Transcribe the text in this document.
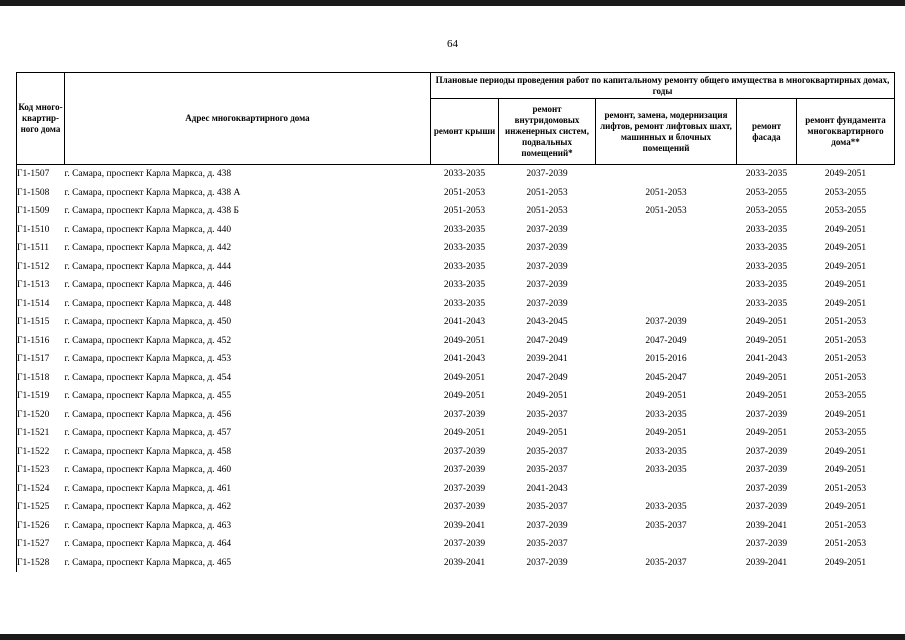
64
Код много-квартир-ного дома	Адрес многоквартирного дома	Плановые периоды проведения работ по капитальному ремонту общего имущества в многоквартирных домах, годы				
		ремонт крыши	ремонт внутридомовых инженерных систем, подвальных помещений*	ремонт, замена, модернизация лифтов, ремонт лифтовых шахт, машинных и блочных помещений	ремонт фасада	ремонт фундамента многоквартирного дома**
Г1-1507	г. Самара, проспект Карла Маркса, д. 438	2033-2035	2037-2039		2033-2035	2049-2051
Г1-1508	г. Самара, проспект Карла Маркса, д. 438 А	2051-2053	2051-2053	2051-2053	2053-2055	2053-2055
Г1-1509	г. Самара, проспект Карла Маркса, д. 438 Б	2051-2053	2051-2053	2051-2053	2053-2055	2053-2055
Г1-1510	г. Самара, проспект Карла Маркса, д. 440	2033-2035	2037-2039		2033-2035	2049-2051
Г1-1511	г. Самара, проспект Карла Маркса, д. 442	2033-2035	2037-2039		2033-2035	2049-2051
Г1-1512	г. Самара, проспект Карла Маркса, д. 444	2033-2035	2037-2039		2033-2035	2049-2051
Г1-1513	г. Самара, проспект Карла Маркса, д. 446	2033-2035	2037-2039		2033-2035	2049-2051
Г1-1514	г. Самара, проспект Карла Маркса, д. 448	2033-2035	2037-2039		2033-2035	2049-2051
Г1-1515	г. Самара, проспект Карла Маркса, д. 450	2041-2043	2043-2045	2037-2039	2049-2051	2051-2053
Г1-1516	г. Самара, проспект Карла Маркса, д. 452	2049-2051	2047-2049	2047-2049	2049-2051	2051-2053
Г1-1517	г. Самара, проспект Карла Маркса, д. 453	2041-2043	2039-2041	2015-2016	2041-2043	2051-2053
Г1-1518	г. Самара, проспект Карла Маркса, д. 454	2049-2051	2047-2049	2045-2047	2049-2051	2051-2053
Г1-1519	г. Самара, проспект Карла Маркса, д. 455	2049-2051	2049-2051	2049-2051	2049-2051	2053-2055
Г1-1520	г. Самара, проспект Карла Маркса, д. 456	2037-2039	2035-2037	2033-2035	2037-2039	2049-2051
Г1-1521	г. Самара, проспект Карла Маркса, д. 457	2049-2051	2049-2051	2049-2051	2049-2051	2053-2055
Г1-1522	г. Самара, проспект Карла Маркса, д. 458	2037-2039	2035-2037	2033-2035	2037-2039	2049-2051
Г1-1523	г. Самара, проспект Карла Маркса, д. 460	2037-2039	2035-2037	2033-2035	2037-2039	2049-2051
Г1-1524	г. Самара, проспект Карла Маркса, д. 461	2037-2039	2041-2043		2037-2039	2051-2053
Г1-1525	г. Самара, проспект Карла Маркса, д. 462	2037-2039	2035-2037	2033-2035	2037-2039	2049-2051
Г1-1526	г. Самара, проспект Карла Маркса, д. 463	2039-2041	2037-2039	2035-2037	2039-2041	2051-2053
Г1-1527	г. Самара, проспект Карла Маркса, д. 464	2037-2039	2035-2037		2037-2039	2051-2053
Г1-1528	г. Самара, проспект Карла Маркса, д. 465	2039-2041	2037-2039	2035-2037	2039-2041	2049-2051
